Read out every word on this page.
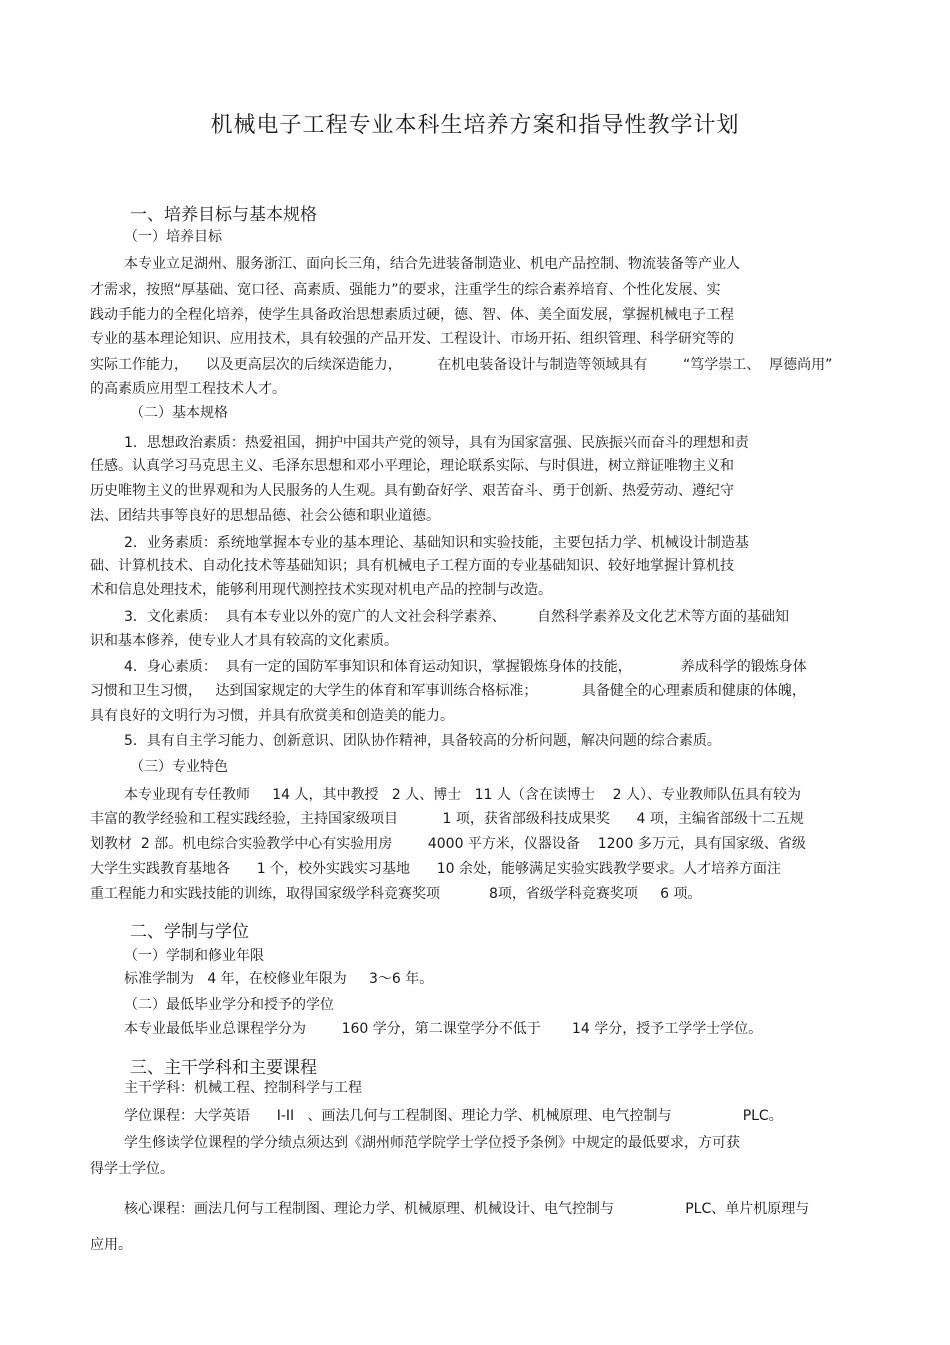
机械电子工程专业本科生培养方案和指导性教学计划
一、培养目标与基本规格
（一）培养目标
本专业立足湖州、服务浙江、面向长三角，结合先进装备制造业、机电产品控制、物流装备等产业人
才需求，按照“厚基础、宽口径、高素质、强能力”的要求，注重学生的综合素养培育、个性化发展、实
践动手能力的全程化培养，使学生具备政治思想素质过硬，德、智、体、美全面发展，掌握机械电子工程
专业的基本理论知识、应用技术，具有较强的产品开发、工程设计、市场开拓、组织管理、科学研究等的
实际工作能力，    以及更高层次的后续深造能力，        在机电装备设计与制造等领域具有        “笃学崇工、  厚德尚用”
的高素质应用型工程技术人才。
（二）基本规格
1．思想政治素质：热爱祖国，拥护中国共产党的领导，具有为国家富强、民族振兴而奋斗的理想和责
任感。认真学习马克思主义、毛泽东思想和邓小平理论，理论联系实际、与时俱进，树立辩证唯物主义和
历史唯物主义的世界观和为人民服务的人生观。具有勤奋好学、艰苦奋斗、勇于创新、热爱劳动、遵纪守
法、团结共事等良好的思想品德、社会公德和职业道德。
2．业务素质：系统地掌握本专业的基本理论、基础知识和实验技能，主要包括力学、机械设计制造基
础、计算机技术、自动化技术等基础知识；具有机械电子工程方面的专业基础知识、较好地掌握计算机技
术和信息处理技术，能够利用现代测控技术实现对机电产品的控制与改造。
3．文化素质：  具有本专业以外的宽广的人文社会科学素养、       自然科学素养及文化艺术等方面的基础知
识和基本修养，使专业人才具有较高的文化素质。
4．身心素质：  具有一定的国防军事知识和体育运动知识，掌握锻炼身体的技能，           养成科学的锻炼身体
习惯和卫生习惯，   达到国家规定的大学生的体育和军事训练合格标准；          具备健全的心理素质和健康的体魄，
具有良好的文明行为习惯，并具有欣赏美和创造美的能力。
5．具有自主学习能力、创新意识、团队协作精神，具备较高的分析问题，解决问题的综合素质。
（三）专业特色
本专业现有专任教师     14 人，其中教授   2 人、博士   11 人（含在读博士    2 人）、专业教师队伍具有较为
丰富的教学经验和工程实践经验，主持国家级项目          1 项，获省部级科技成果奖      4 项，主编省部级十二五规
划教材  2 部。机电综合实验教学中心有实验用房        4000 平方米，仪器设备    1200 多万元，具有国家级、省级
大学生实践教育基地各      1 个，校外实践实习基地      10 余处，能够满足实验实践教学要求。人才培养方面注
重工程能力和实践技能的训练，取得国家级学科竞赛奖项           8项，省级学科竞赛奖项     6 项。
二、学制与学位
（一）学制和修业年限
标准学制为   4 年，在校修业年限为     3～6 年。
（二）最低毕业学分和授予的学位
本专业最低毕业总课程学分为        160 学分，第二课堂学分不低于       14 学分，授予工学学士学位。
三、主干学科和主要课程
主干学科：机械工程、控制科学与工程
学位课程：大学英语      I-II   、画法几何与工程制图、理论力学、机械原理、电气控制与                PLC。
学生修读学位课程的学分绩点须达到《湖州师范学院学士学位授予条例》中规定的最低要求，方可获
得学士学位。
核心课程：画法几何与工程制图、理论力学、机械原理、机械设计、电气控制与                PLC、单片机原理与
应用。
